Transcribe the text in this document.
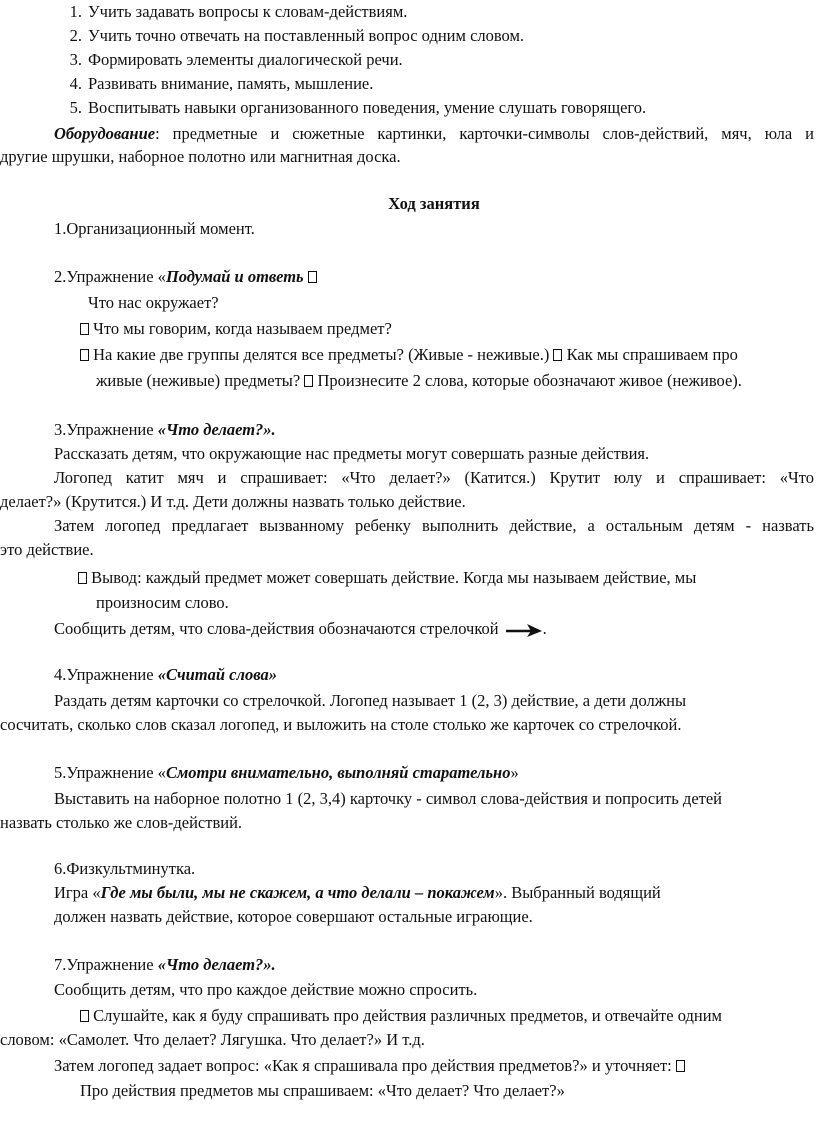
1. Учить задавать вопросы к словам-действиям.
2. Учить точно отвечать на поставленный вопрос одним словом.
3. Формировать элементы диалогической речи.
4. Развивать внимание, память, мышление.
5. Воспитывать навыки организованного поведения, умение слушать говорящего.
Оборудование: предметные и сюжетные картинки, карточки-символы слов-действий, мяч, юла и
другие шрушки, наборное полотно или магнитная доска.
Ход занятия
1.Организационный момент.
2.Упражнение «Подумай и ответь
Что нас окружает?
Что мы говорим, когда называем предмет?
На какие две группы делятся все предметы? (Живые - неживые.) Как мы спрашиваем про
живые (неживые) предметы? Произнесите 2 слова, которые обозначают живое (неживое).
3.Упражнение «Что делает?».
Рассказать детям, что окружающие нас предметы могут совершать разные действия.
Логопед катит мяч и спрашивает: «Что делает?» (Катится.) Крутит юлу и спрашивает: «Что
делает?» (Крутится.) И т.д. Дети должны назвать только действие.
Затем логопед предлагает вызванному ребенку выполнить действие, а остальным детям - назвать
это действие.
Вывод: каждый предмет может совершать действие. Когда мы называем действие, мы
произносим слово.
Сообщить детям, что слова-действия обозначаются стрелочкой	.
4.Упражнение «Считай слова»
Раздать детям карточки со стрелочкой. Логопед называет 1 (2, 3) действие, а дети должны
сосчитать, сколько слов сказал логопед, и выложить на столе столько же карточек со стрелочкой.
5.Упражнение «Смотри внимательно, выполняй старательно»
Выставить на наборное полотно 1 (2, 3,4) карточку - символ слова-действия и попросить детей
назвать столько же слов-действий.
6.Физкультминутка.
Игра «Где мы были, мы не скажем, а что делали – покажем». Выбранный водящий
должен назвать действие, которое совершают остальные играющие.
7.Упражнение «Что делает?».
Сообщить детям, что про каждое действие можно спросить.
Слушайте, как я буду спрашивать про действия различных предметов, и отвечайте одним
словом: «Самолет. Что делает? Лягушка. Что делает?» И т.д.
Затем логопед задает вопрос: «Как я спрашивала про действия предметов?» и уточняет:
Про действия предметов мы спрашиваем: «Что делает? Что делает?»
